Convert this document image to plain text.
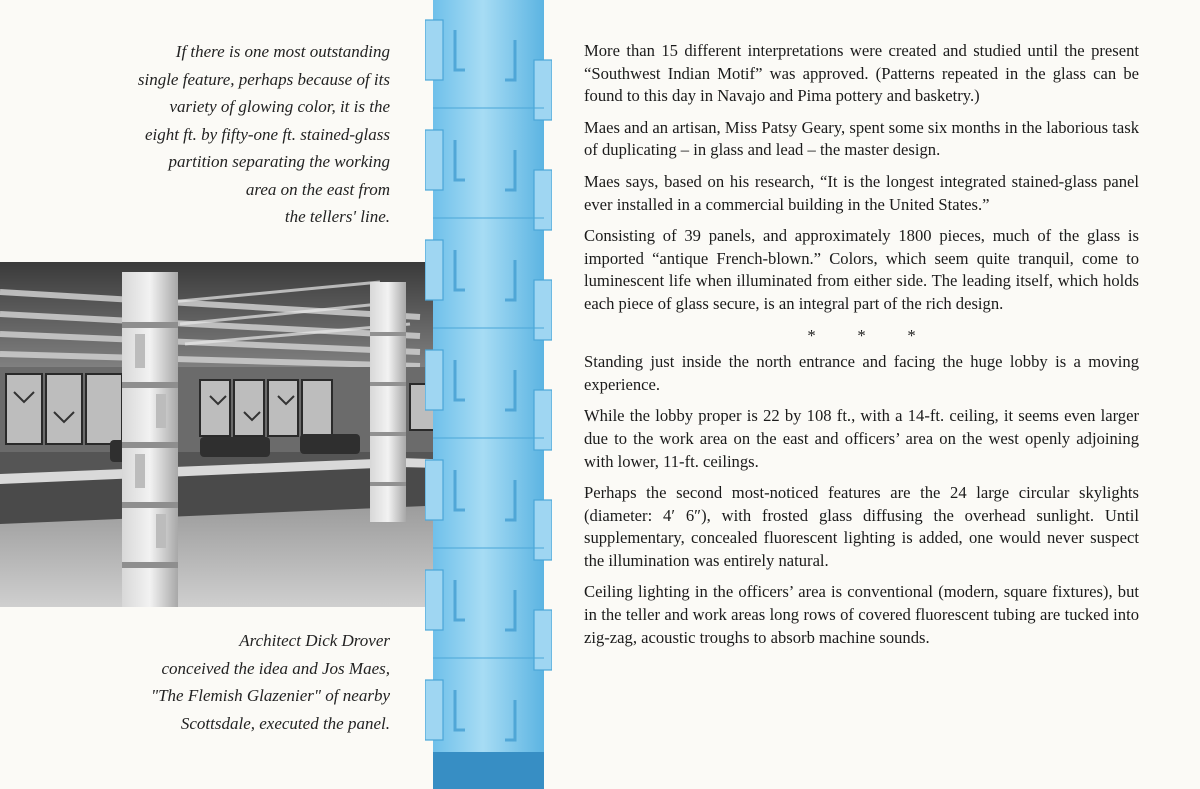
If there is one most outstanding
single feature, perhaps because of its
variety of glowing color, it is the
eight ft. by fifty-one ft. stained-glass
partition separating the working
area on the east from
the tellers' line.
Architect Dick Drover
conceived the idea and Jos Maes,
"The Flemish Glazenier" of nearby
Scottsdale, executed the panel.

More than 15 different interpretations were created and studied until the present “Southwest Indian Motif” was approved. (Patterns repeated in the glass can be found to this day in Navajo and Pima pottery and basketry.)

Maes and an artisan, Miss Patsy Geary, spent some six months in the laborious task of duplicating – in glass and lead – the master design.

Maes says, based on his research, “It is the longest integrated stained-glass panel ever installed in a commercial building in the United States.”

Consisting of 39 panels, and approximately 1800 pieces, much of the glass is imported “antique French-blown.” Colors, which seem quite tranquil, come to luminescent life when illuminated from either side. The leading itself, which holds each piece of glass secure, is an integral part of the rich design.

*	*	*

Standing just inside the north entrance and facing the huge lobby is a moving experience.

While the lobby proper is 22 by 108 ft., with a 14-ft. ceiling, it seems even larger due to the work area on the east and officers’ area on the west openly adjoining with lower, 11-ft. ceilings.

Perhaps the second most-noticed features are the 24 large circular skylights (diameter: 4′ 6″), with frosted glass diffusing the overhead sunlight. Until supplementary, concealed fluorescent lighting is added, one would never suspect the illumination was entirely natural.

Ceiling lighting in the officers’ area is conventional (modern, square fixtures), but in the teller and work areas long rows of covered fluorescent tubing are tucked into zig-zag, acoustic troughs to absorb machine sounds.
